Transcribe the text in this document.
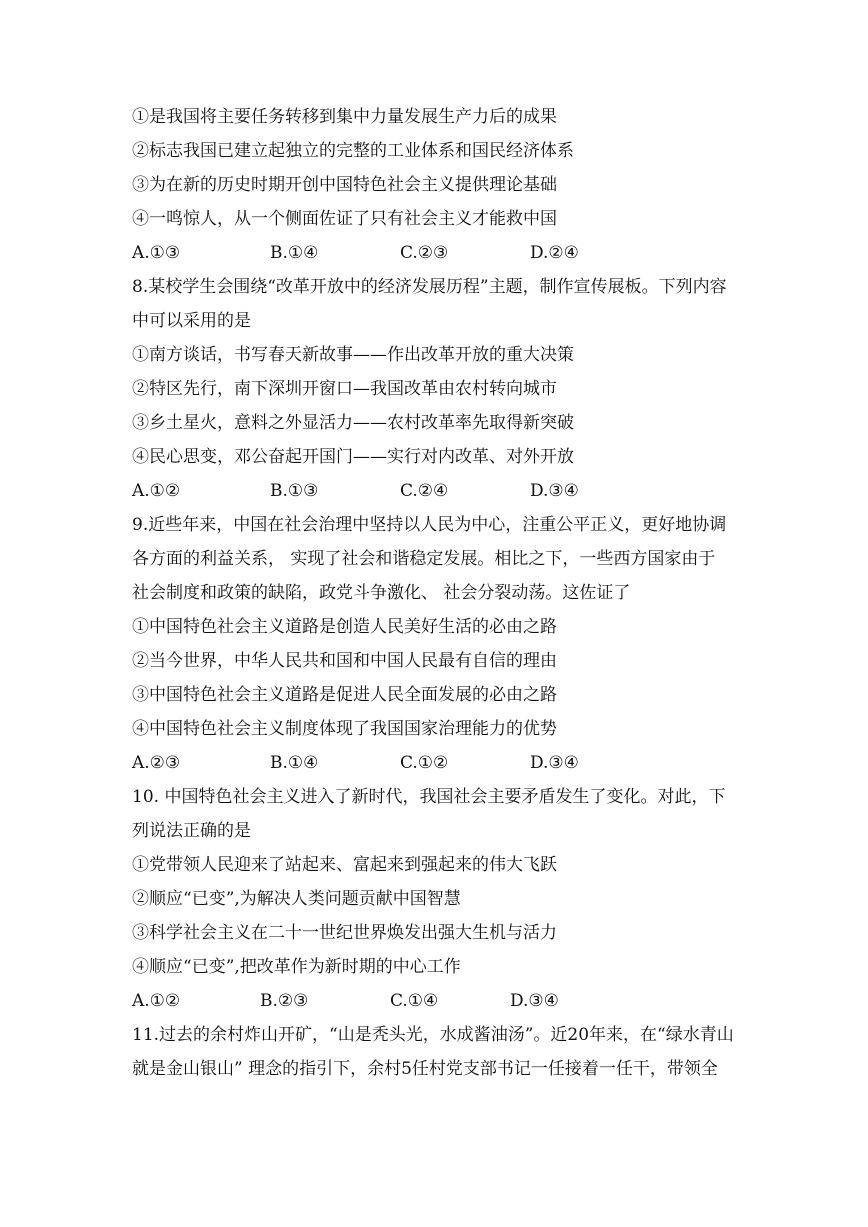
①是我国将主要任务转移到集中力量发展生产力后的成果
②标志我国已建立起独立的完整的工业体系和国民经济体系
③为在新的历史时期开创中国特色社会主义提供理论基础
④一鸣惊人，从一个侧面佐证了只有社会主义才能救中国
A.①③	B.①④	C.②③	D.②④
8.某校学生会围绕“改革开放中的经济发展历程”主题，制作宣传展板。下列内容
中可以采用的是
①南方谈话，书写春天新故事——作出改革开放的重大决策
②特区先行，南下深圳开窗口—我国改革由农村转向城市
③乡土星火，意料之外显活力——农村改革率先取得新突破
④民心思变，邓公奋起开国门——实行对内改革、对外开放
A.①②	B.①③	C.②④	D.③④
9.近些年来，中国在社会治理中坚持以人民为中心，注重公平正义，更好地协调
各方面的利益关系， 实现了社会和谐稳定发展。相比之下，一些西方国家由于
社会制度和政策的缺陷，政党斗争激化、 社会分裂动荡。这佐证了
①中国特色社会主义道路是创造人民美好生活的必由之路
②当今世界，中华人民共和国和中国人民最有自信的理由
③中国特色社会主义道路是促进人民全面发展的必由之路
④中国特色社会主义制度体现了我国国家治理能力的优势
A.②③	B.①④	C.①②	D.③④
10. 中国特色社会主义进入了新时代，我国社会主要矛盾发生了变化。对此，下
列说法正确的是
①党带领人民迎来了站起来、富起来到强起来的伟大飞跃
②顺应“已变”,为解决人类问题贡献中国智慧
③科学社会主义在二十一世纪世界焕发出强大生机与活力
④顺应“已变”,把改革作为新时期的中心工作
A.①②	B.②③	C.①④	D.③④
11.过去的余村炸山开矿，“山是秃头光，水成酱油汤”。近20年来，在“绿水青山
就是金山银山” 理念的指引下，余村5任村党支部书记一任接着一任干，带领全
